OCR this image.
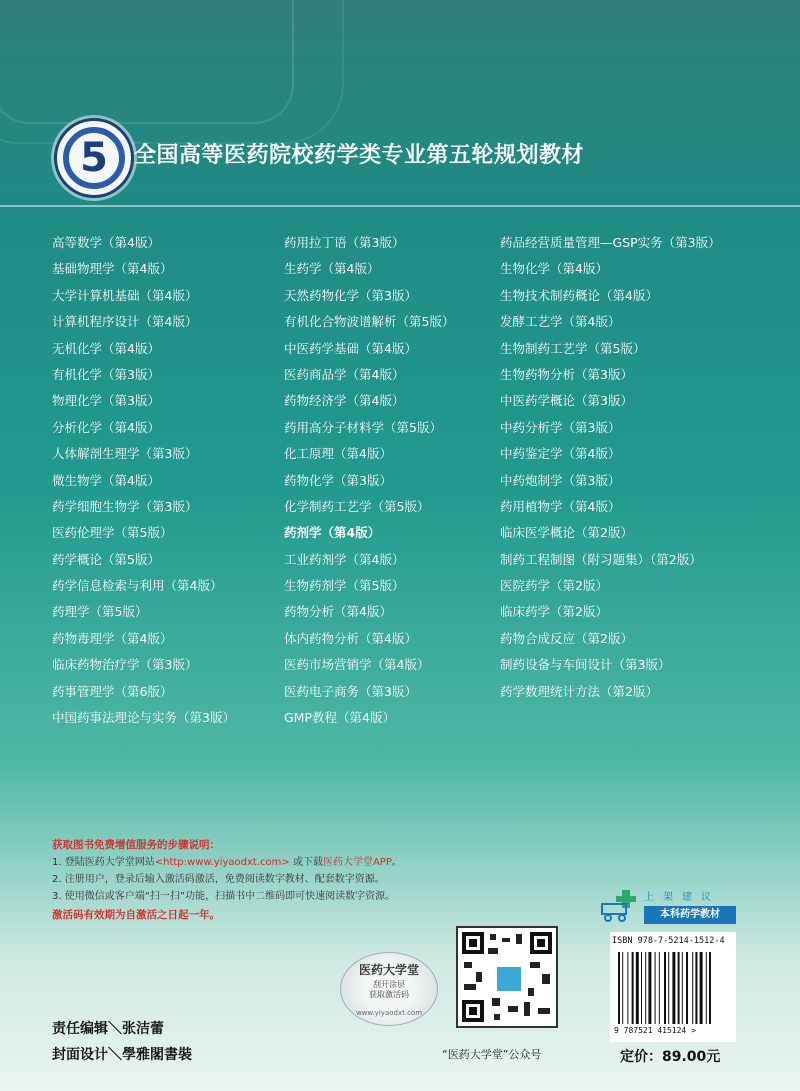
5 全国高等医药院校药学类专业第五轮规划教材
高等数学（第4版）
基础物理学（第4版）
大学计算机基础（第4版）
计算机程序设计（第4版）
无机化学（第4版）
有机化学（第3版）
物理化学（第3版）
分析化学（第4版）
人体解剖生理学（第3版）
微生物学（第4版）
药学细胞生物学（第3版）
医药伦理学（第5版）
药学概论（第5版）
药学信息检索与利用（第4版）
药理学（第5版）
药物毒理学（第4版）
临床药物治疗学（第3版）
药事管理学（第6版）
中国药事法理论与实务（第3版）
药用拉丁语（第3版）
生药学（第4版）
天然药物化学（第3版）
有机化合物波谱解析（第5版）
中医药学基础（第4版）
医药商品学（第4版）
药物经济学（第4版）
药用高分子材料学（第5版）
化工原理（第4版）
药物化学（第3版）
化学制药工艺学（第5版）
药剂学（第4版）
工业药剂学（第4版）
生物药剂学（第5版）
药物分析（第4版）
体内药物分析（第4版）
医药市场营销学（第4版）
医药电子商务（第3版）
GMP教程（第4版）
药品经营质量管理—GSP实务（第3版）
生物化学（第4版）
生物技术制药概论（第4版）
发酵工艺学（第4版）
生物制药工艺学（第5版）
生物药物分析（第3版）
中医药学概论（第3版）
中药分析学（第3版）
中药鉴定学（第4版）
中药炮制学（第3版）
药用植物学（第4版）
临床医学概论（第2版）
制药工程制图（附习题集）（第2版）
医院药学（第2版）
临床药学（第2版）
药物合成反应（第2版）
制药设备与车间设计（第3版）
药学数理统计方法（第2版）
获取图书免费增值服务的步骤说明：
1. 登陆医药大学堂网站<http:www.yiyaodxt.com> 或下载医药大学堂APP。
2. 注册用户，登录后输入激活码激活，免费阅读数字教材、配套数字资源。
3. 使用微信或客户端“扫一扫”功能，扫描书中二维码即可快速阅读数字资源。
激活码有效期为自激活之日起一年。
责任编辑＼张洁蕾
封面设计＼學雅閣書裝
医药大学堂
刮开涂层
获取激活码
www.yiyaodxt.com
“医药大学堂”公众号
上架建议
本科药学教材
ISBN 978-7-5214-1512-4
9 787521 415124 >
定价：89.00元
